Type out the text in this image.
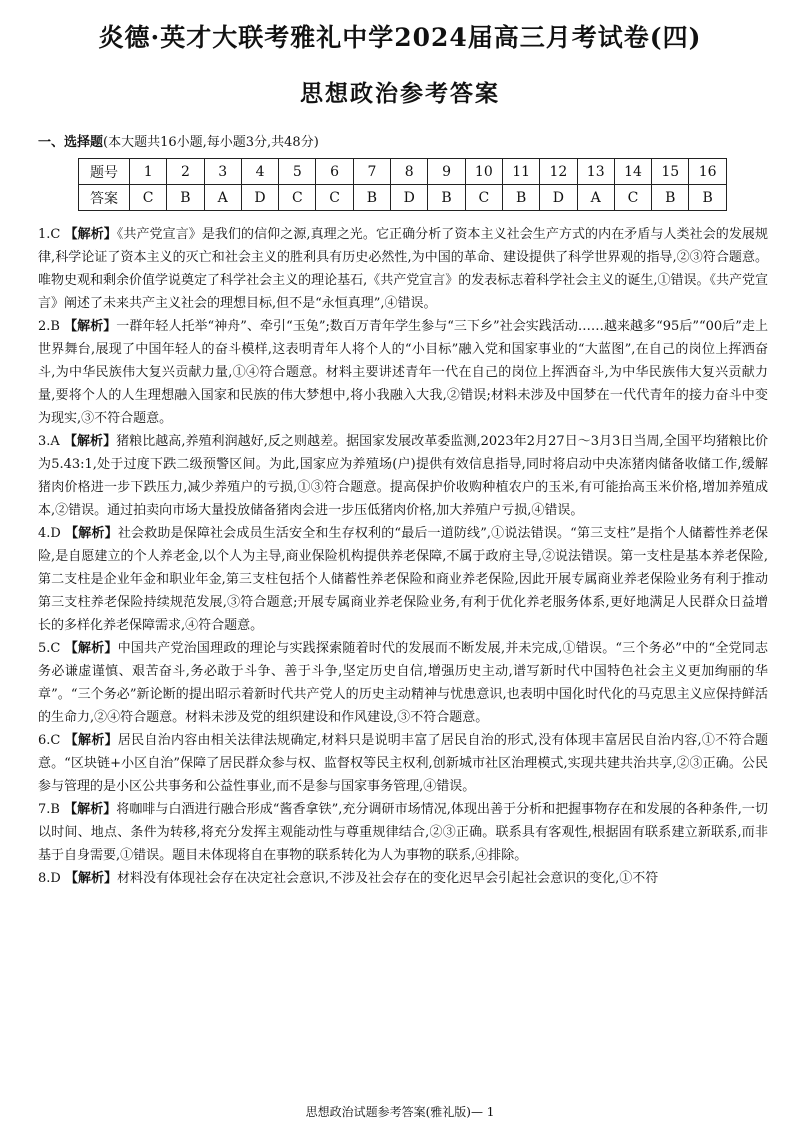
炎德·英才大联考雅礼中学2024届高三月考试卷(四)
思想政治参考答案
一、选择题(本大题共16小题,每小题3分,共48分)
题号	1	2	3	4	5	6	7	8	9	10	11	12	13	14	15	16
答案	C	B	A	D	C	C	B	D	B	C	B	D	A	C	B	B

1.C 【解析】《共产党宣言》是我们的信仰之源,真理之光。它正确分析了资本主义社会生产方式的内在矛盾与人类社会的发展规律,科学论证了资本主义的灭亡和社会主义的胜利具有历史必然性,为中国的革命、建设提供了科学世界观的指导,②③符合题意。唯物史观和剩余价值学说奠定了科学社会主义的理论基石,《共产党宣言》的发表标志着科学社会主义的诞生,①错误。《共产党宣言》阐述了未来共产主义社会的理想目标,但不是“永恒真理”,④错误。

2.B 【解析】一群年轻人托举“神舟”、牵引“玉兔”;数百万青年学生参与“三下乡”社会实践活动……越来越多“95后”“00后”走上世界舞台,展现了中国年轻人的奋斗模样,这表明青年人将个人的“小目标”融入党和国家事业的“大蓝图”,在自己的岗位上挥洒奋斗,为中华民族伟大复兴贡献力量,①④符合题意。材料主要讲述青年一代在自己的岗位上挥洒奋斗,为中华民族伟大复兴贡献力量,要将个人的人生理想融入国家和民族的伟大梦想中,将小我融入大我,②错误;材料未涉及中国梦在一代代青年的接力奋斗中变为现实,③不符合题意。

3.A 【解析】猪粮比越高,养殖利润越好,反之则越差。据国家发展改革委监测,2023年2月27日～3月3日当周,全国平均猪粮比价为5.43:1,处于过度下跌二级预警区间。为此,国家应为养殖场(户)提供有效信息指导,同时将启动中央冻猪肉储备收储工作,缓解猪肉价格进一步下跌压力,减少养殖户的亏损,①③符合题意。提高保护价收购种植农户的玉米,有可能抬高玉米价格,增加养殖成本,②错误。通过拍卖向市场大量投放储备猪肉会进一步压低猪肉价格,加大养殖户亏损,④错误。

4.D 【解析】社会救助是保障社会成员生活安全和生存权利的“最后一道防线”,①说法错误。“第三支柱”是指个人储蓄性养老保险,是自愿建立的个人养老金,以个人为主导,商业保险机构提供养老保障,不属于政府主导,②说法错误。第一支柱是基本养老保险,第二支柱是企业年金和职业年金,第三支柱包括个人储蓄性养老保险和商业养老保险,因此开展专属商业养老保险业务有利于推动第三支柱养老保险持续规范发展,③符合题意;开展专属商业养老保险业务,有利于优化养老服务体系,更好地满足人民群众日益增长的多样化养老保障需求,④符合题意。

5.C 【解析】中国共产党治国理政的理论与实践探索随着时代的发展而不断发展,并未完成,①错误。“三个务必”中的“全党同志务必谦虚谨慎、艰苦奋斗,务必敢于斗争、善于斗争,坚定历史自信,增强历史主动,谱写新时代中国特色社会主义更加绚丽的华章”。“三个务必”新论断的提出昭示着新时代共产党人的历史主动精神与忧患意识,也表明中国化时代化的马克思主义应保持鲜活的生命力,②④符合题意。材料未涉及党的组织建设和作风建设,③不符合题意。

6.C 【解析】居民自治内容由相关法律法规确定,材料只是说明丰富了居民自治的形式,没有体现丰富居民自治内容,①不符合题意。“区块链+小区自治”保障了居民群众参与权、监督权等民主权利,创新城市社区治理模式,实现共建共治共享,②③正确。公民参与管理的是小区公共事务和公益性事业,而不是参与国家事务管理,④错误。

7.B 【解析】将咖啡与白酒进行融合形成“酱香拿铁”,充分调研市场情况,体现出善于分析和把握事物存在和发展的各种条件,一切以时间、地点、条件为转移,将充分发挥主观能动性与尊重规律结合,②③正确。联系具有客观性,根据固有联系建立新联系,而非基于自身需要,①错误。题目未体现将自在事物的联系转化为人为事物的联系,④排除。

8.D 【解析】材料没有体现社会存在决定社会意识,不涉及社会存在的变化迟早会引起社会意识的变化,①不符

思想政治试题参考答案(雅礼版)— 1
